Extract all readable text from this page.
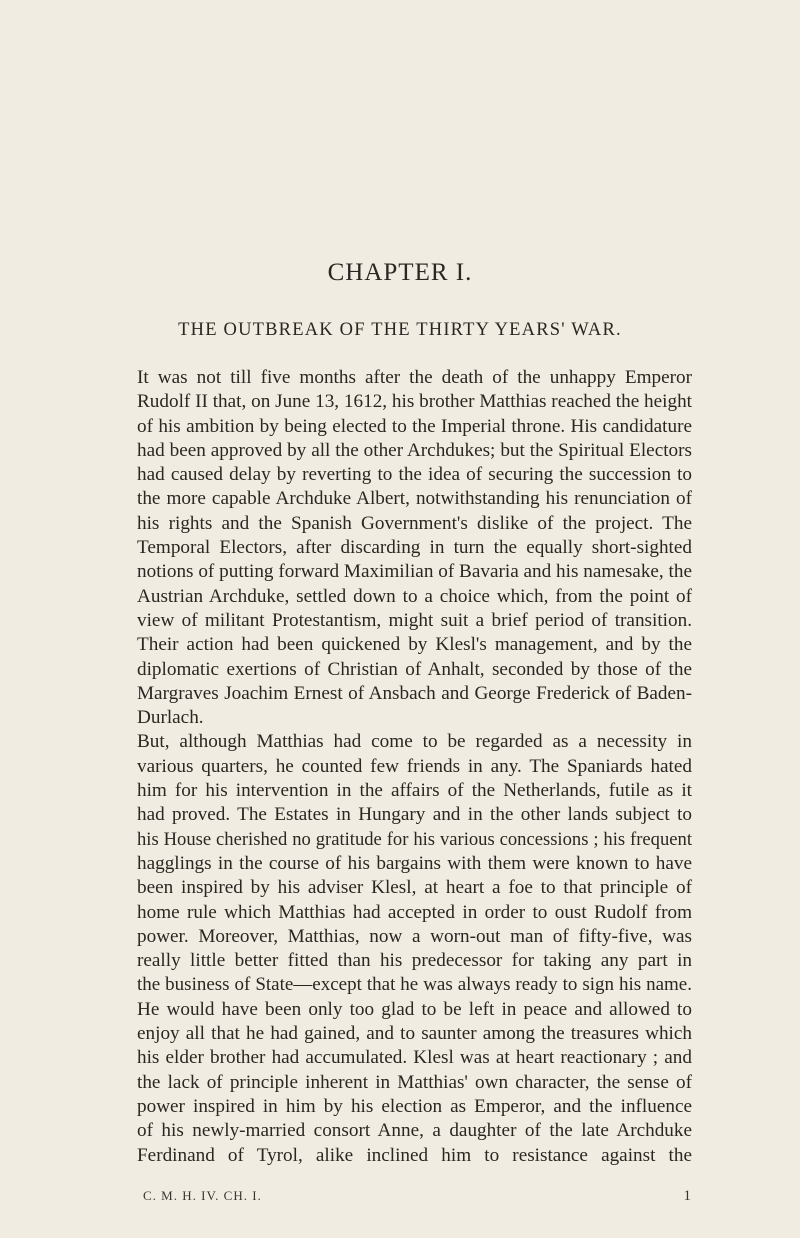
CHAPTER I.
THE OUTBREAK OF THE THIRTY YEARS' WAR.
It was not till five months after the death of the unhappy Emperor
Rudolf II that, on June 13, 1612, his brother Matthias reached the height
of his ambition by being elected to the Imperial throne. His candidature
had been approved by all the other Archdukes; but the Spiritual Electors
had caused delay by reverting to the idea of securing the succession to
the more capable Archduke Albert, notwithstanding his renunciation of
his rights and the Spanish Government's dislike of the project. The
Temporal Electors, after discarding in turn the equally short-sighted
notions of putting forward Maximilian of Bavaria and his namesake, the
Austrian Archduke, settled down to a choice which, from the point of
view of militant Protestantism, might suit a brief period of transition.
Their action had been quickened by Klesl's management, and by the
diplomatic exertions of Christian of Anhalt, seconded by those of the
Margraves Joachim Ernest of Ansbach and George Frederick of Baden-
Durlach.
But, although Matthias had come to be regarded as a necessity in
various quarters, he counted few friends in any. The Spaniards hated
him for his intervention in the affairs of the Netherlands, futile as it
had proved. The Estates in Hungary and in the other lands subject to
his House cherished no gratitude for his various concessions ; his frequent
hagglings in the course of his bargains with them were known to have
been inspired by his adviser Klesl, at heart a foe to that principle of
home rule which Matthias had accepted in order to oust Rudolf from
power. Moreover, Matthias, now a worn-out man of fifty-five, was
really little better fitted than his predecessor for taking any part in
the business of State—except that he was always ready to sign his name.
He would have been only too glad to be left in peace and allowed to
enjoy all that he had gained, and to saunter among the treasures which
his elder brother had accumulated. Klesl was at heart reactionary ; and
the lack of principle inherent in Matthias' own character, the sense of
power inspired in him by his election as Emperor, and the influence
of his newly-married consort Anne, a daughter of the late Archduke
Ferdinand of Tyrol, alike inclined him to resistance against the
C. M. H. IV. CH. I.	1
